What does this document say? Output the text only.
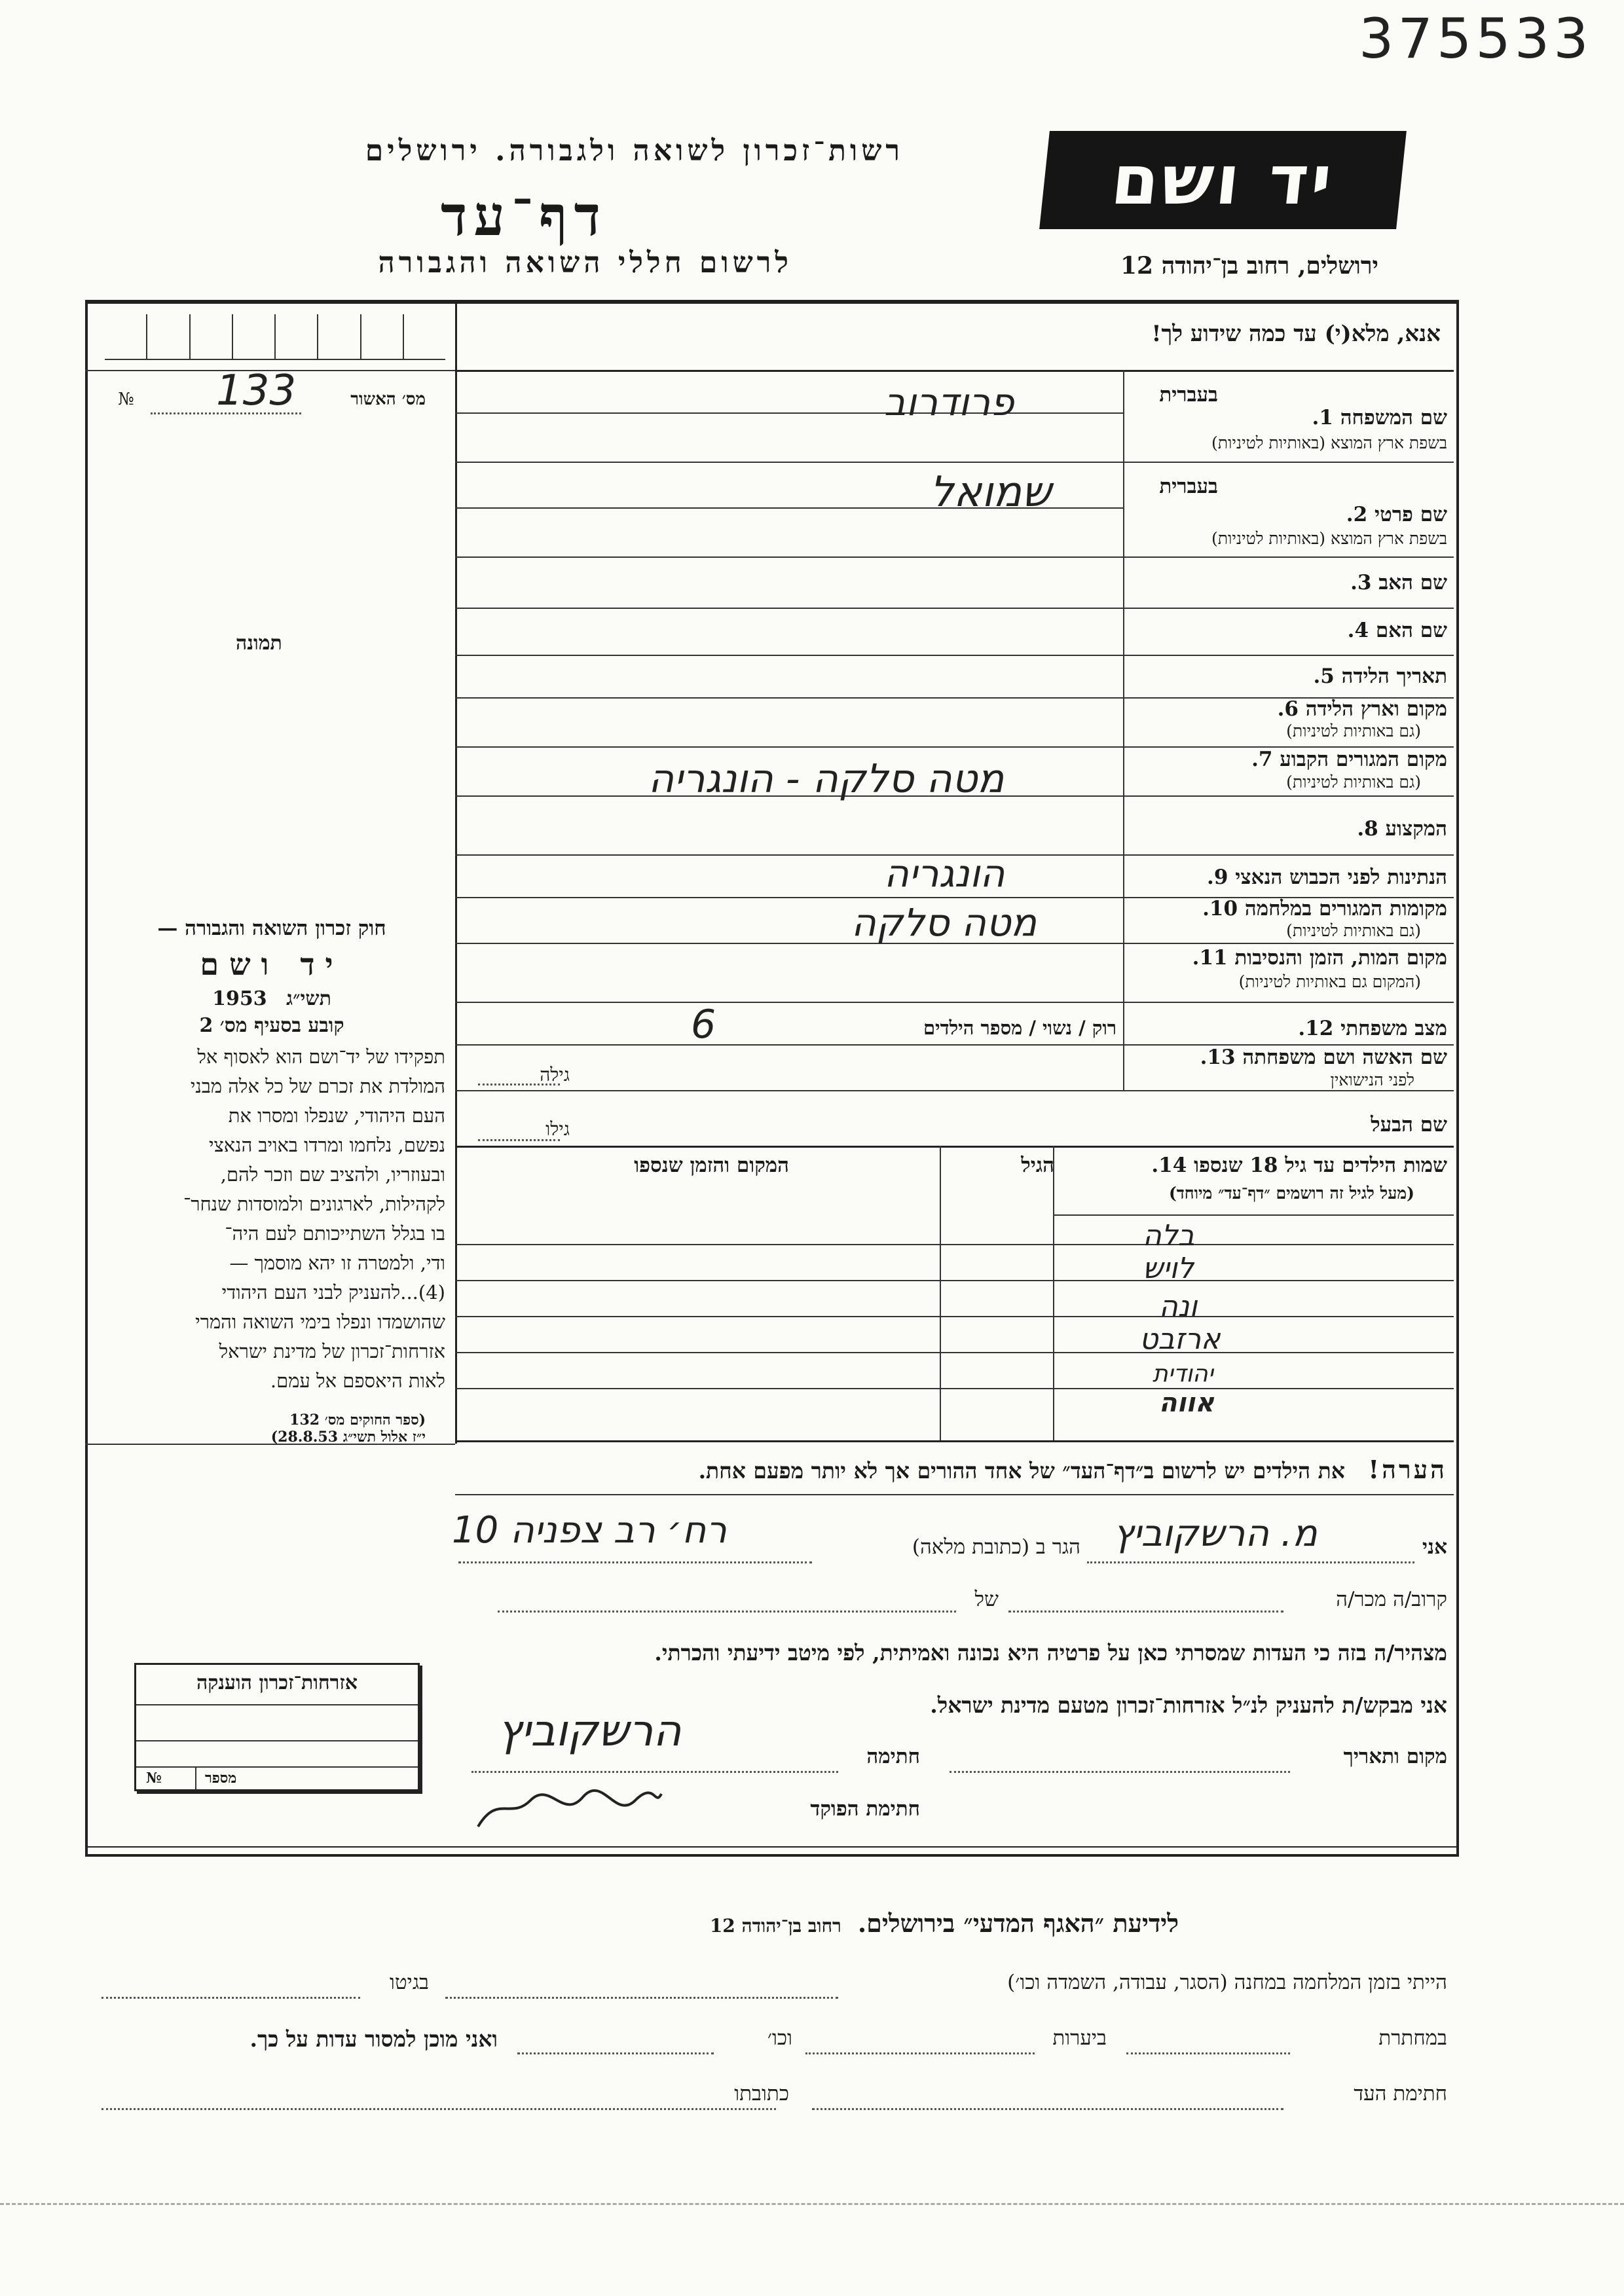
375533
רשות־זכרון לשואה ולגבורה. ירושלים
דף־עד
לרשום חללי השואה והגבורה
יד ושם
ירושלים, רחוב בן־יהודה 12
אנא, מלא(י) עד כמה שידוע לך!
מס׳ האשור
№ 133
תמונה
חוק זכרון השואה והגבורה —
יד ושם
תשי״ג 1953
קובע בסעיף מס׳ 2

תפקידו של יד־ושם הוא לאסוף אל

המולדת את זכרם של כל אלה מבני

העם היהודי, שנפלו ומסרו את

נפשם, נלחמו ומרדו באויב הנאצי

ובעוזריו, ולהציב שם וזכר להם,

לקהילות, לארגונים ולמוסדות שנחר־

בו בגלל השתייכותם לעם היה־

ודי, ולמטרה זו יהא מוסמך —

(4)...להעניק לבני העם היהודי

שהושמדו ונפלו בימי השואה והמרי

אזרחות־זכרון של מדינת ישראל

לאות היאספם אל עמם.

(ספר החוקים מס׳ 132
י״ז אלול תשי״ג 28.8.53)
בעברית
שם המשפחה 1.
בשפת ארץ המוצא (באותיות לטיניות)
פרודרוב
בעברית
שם פרטי 2.
בשפת ארץ המוצא (באותיות לטיניות)
שמואל
שם האב 3.
שם האם 4.
תאריך הלידה 5.
מקום וארץ הלידה 6.
(גם באותיות לטיניות)
מקום המגורים הקבוע 7.
(גם באותיות לטיניות)
מטה סלקה - הונגריה
המקצוע 8.
הנתינות לפני הכבוש הנאצי 9.
הונגריה
מקומות המגורים במלחמה 10.
(גם באותיות לטיניות)
מטה סלקה
מקום המות, הזמן והנסיבות 11.
(המקום גם באותיות לטיניות)
מצב משפחתי 12.
רוק / נשוי / מספר הילדים
6
שם האשה ושם משפחתה 13.
לפני הנישואין
גילה
שם הבעל
גילו
שמות הילדים עד גיל 18 שנספו 14.
(מעל לגיל זה רושמים ״דף־עד״ מיוחד)
הגיל
המקום והזמן שנספו
בלה
לויש
ונה
ארזבט
יהודית
אווה
הערה! את הילדים יש לרשום ב״דף־העד״ של אחד ההורים אך לא יותר מפעם אחת.
אני
מ. הרשקוביץ
הגר ב (כתובת מלאה)
רח׳ רב צפניה 10
קרוב/ה מכר/ה
של
מצהיר/ה בזה כי העדות שמסרתי כאן על פרטיה היא נכונה ואמיתית, לפי מיטב ידיעתי והכרתי.
אני מבקש/ת להעניק לנ״ל אזרחות־זכרון מטעם מדינת ישראל.
מקום ותאריך
חתימה
הרשקוביץ
חתימת הפוקד
אזרחות־זכרון הוענקה
№	מספר
לידיעת ״האגף המדעי״ בירושלים. רחוב בן־יהודה 12
הייתי בזמן המלחמה במחנה (הסגר, עבודה, השמדה וכו׳)
בגיטו
במחתרת
ביערות
וכו׳
ואני מוכן למסור עדות על כך.
חתימת העד
כתובתו
